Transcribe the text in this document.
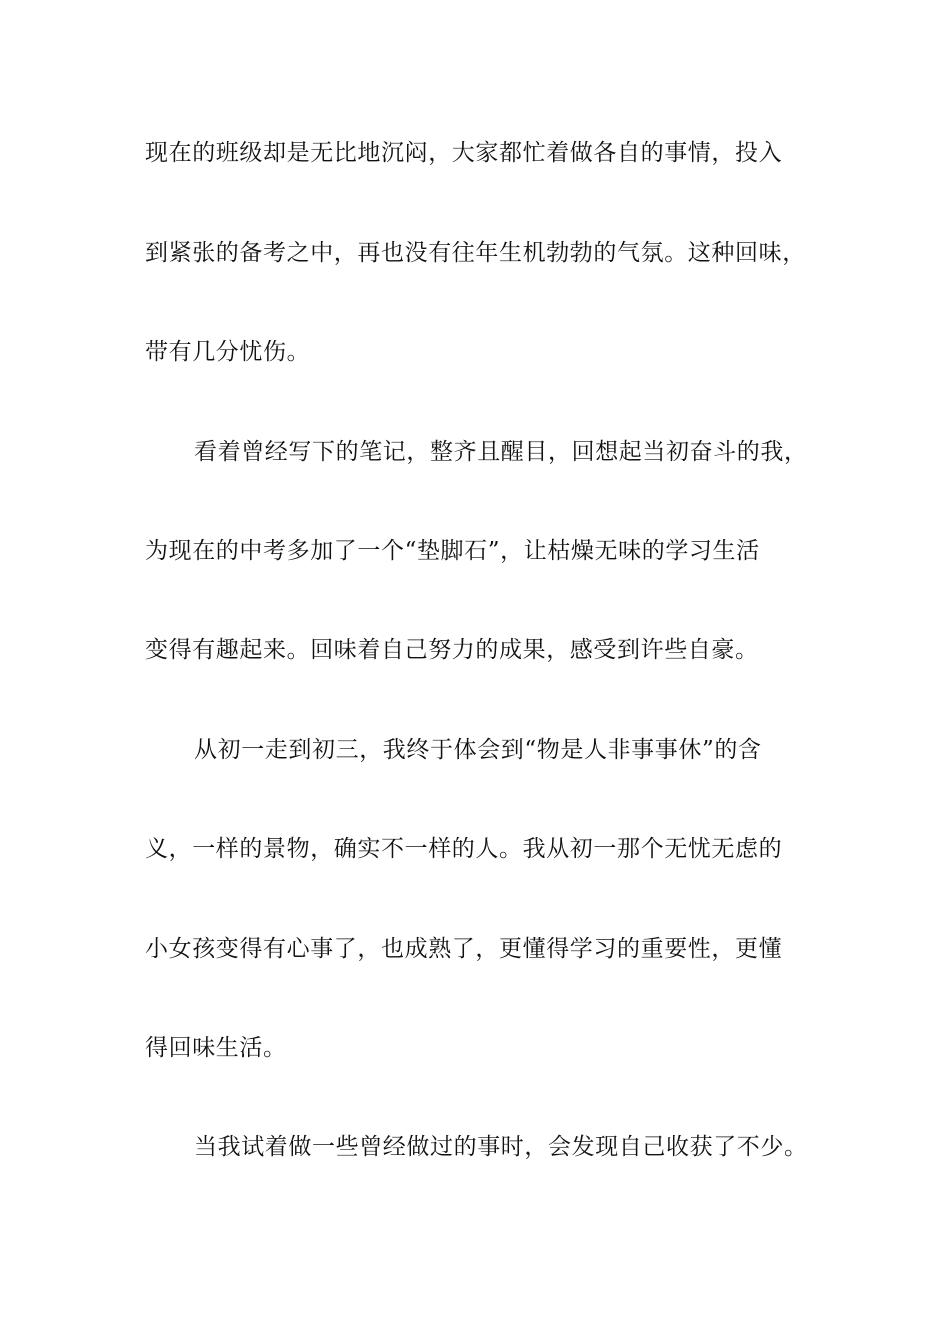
现在的班级却是无比地沉闷，大家都忙着做各自的事情，投入
到紧张的备考之中，再也没有往年生机勃勃的气氛。这种回味，
带有几分忧伤。
看着曾经写下的笔记，整齐且醒目，回想起当初奋斗的我，
为现在的中考多加了一个“垫脚石”，让枯燥无味的学习生活
变得有趣起来。回味着自己努力的成果，感受到许些自豪。
从初一走到初三，我终于体会到“物是人非事事休”的含
义，一样的景物，确实不一样的人。我从初一那个无忧无虑的
小女孩变得有心事了，也成熟了，更懂得学习的重要性，更懂
得回味生活。
当我试着做一些曾经做过的事时，会发现自己收获了不少。
